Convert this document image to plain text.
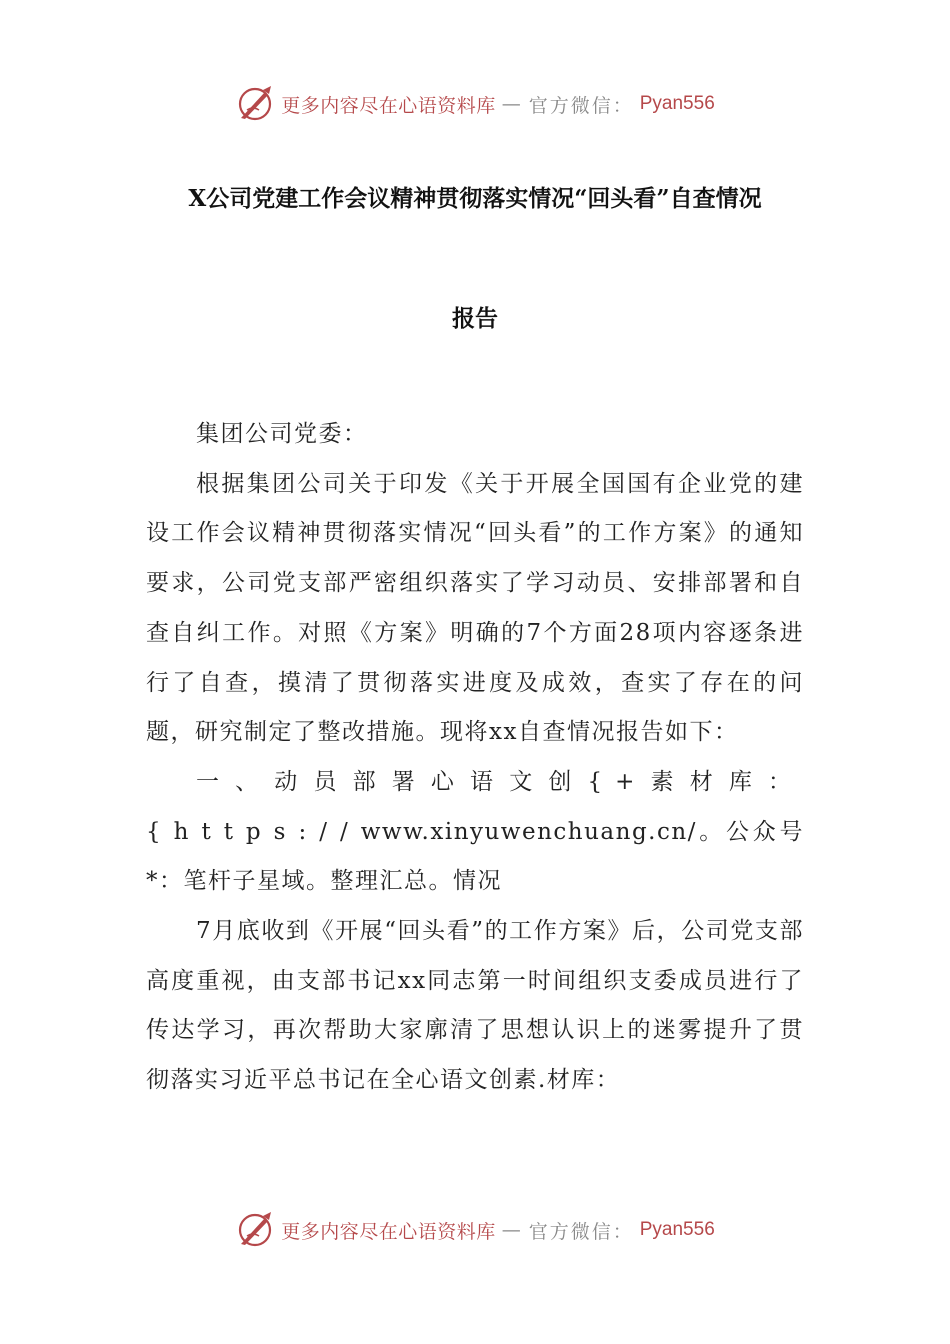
更多内容尽在心语资料库 — 官方微信： Pyan556
X公司党建工作会议精神贯彻落实情况“回头看”自查情况
报告

集团公司党委：

根据集团公司关于印发《关于开展全国国有企业党的建设工作会议精神贯彻落实情况“回头看”的工作方案》的通知要求，公司党支部严密组织落实了学习动员、安排部署和自查自纠工作。对照《方案》明确的7个方面28项内容逐条进行了自查，摸清了贯彻落实进度及成效，查实了存在的问题，研究制定了整改措施。现将xx自查情况报告如下：

一、动员部署心语文创{+素材库：{https://www.xinyuwenchuang.cn/。公众号*：笔杆子星域。整理汇总。情况

7月底收到《开展“回头看”的工作方案》后，公司党支部高度重视，由支部书记xx同志第一时间组织支委成员进行了传达学习，再次帮助大家廓清了思想认识上的迷雾提升了贯彻落实习近平总书记在全心语文创素.材库：

更多内容尽在心语资料库 — 官方微信： Pyan556
